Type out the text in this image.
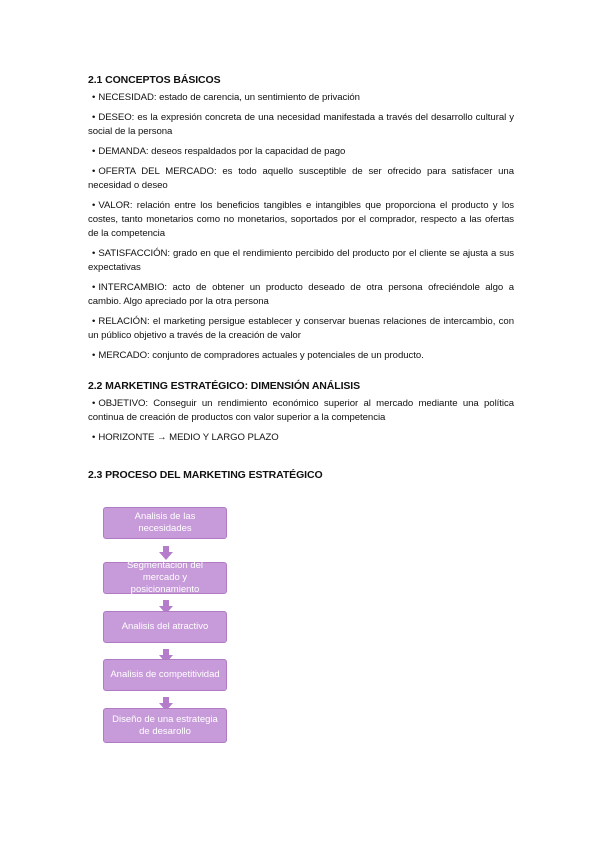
2.1 CONCEPTOS BÁSICOS
• NECESIDAD: estado de carencia, un sentimiento de privación
• DESEO: es la expresión concreta de una necesidad manifestada a través del desarrollo cultural y social de la persona
• DEMANDA: deseos respaldados por la capacidad de pago
• OFERTA DEL MERCADO: es todo aquello susceptible de ser ofrecido para satisfacer una necesidad o deseo
• VALOR: relación entre los beneficios tangibles e intangibles que proporciona el producto y los costes, tanto monetarios como no monetarios, soportados por el comprador, respecto a las ofertas de la competencia
• SATISFACCIÓN: grado en que el rendimiento percibido del producto por el cliente se ajusta a sus expectativas
• INTERCAMBIO: acto de obtener un producto deseado de otra persona ofreciéndole algo a cambio. Algo apreciado por la otra persona
• RELACIÓN: el marketing persigue establecer y conservar buenas relaciones de intercambio, con un público objetivo a través de la creación de valor
• MERCADO: conjunto de compradores actuales y potenciales de un producto.
2.2 MARKETING ESTRATÉGICO: DIMENSIÓN ANÁLISIS
• OBJETIVO: Conseguir un rendimiento económico superior al mercado mediante una política continua de creación de productos con valor superior a la competencia
• HORIZONTE → MEDIO Y LARGO PLAZO
2.3 PROCESO DEL MARKETING ESTRATÉGICO
Analisis de las necesidades
Segmentacion del mercado y posicionamiento
Analisis del atractivo
Analisis de competitividad
Diseño de una estrategia de desarollo
